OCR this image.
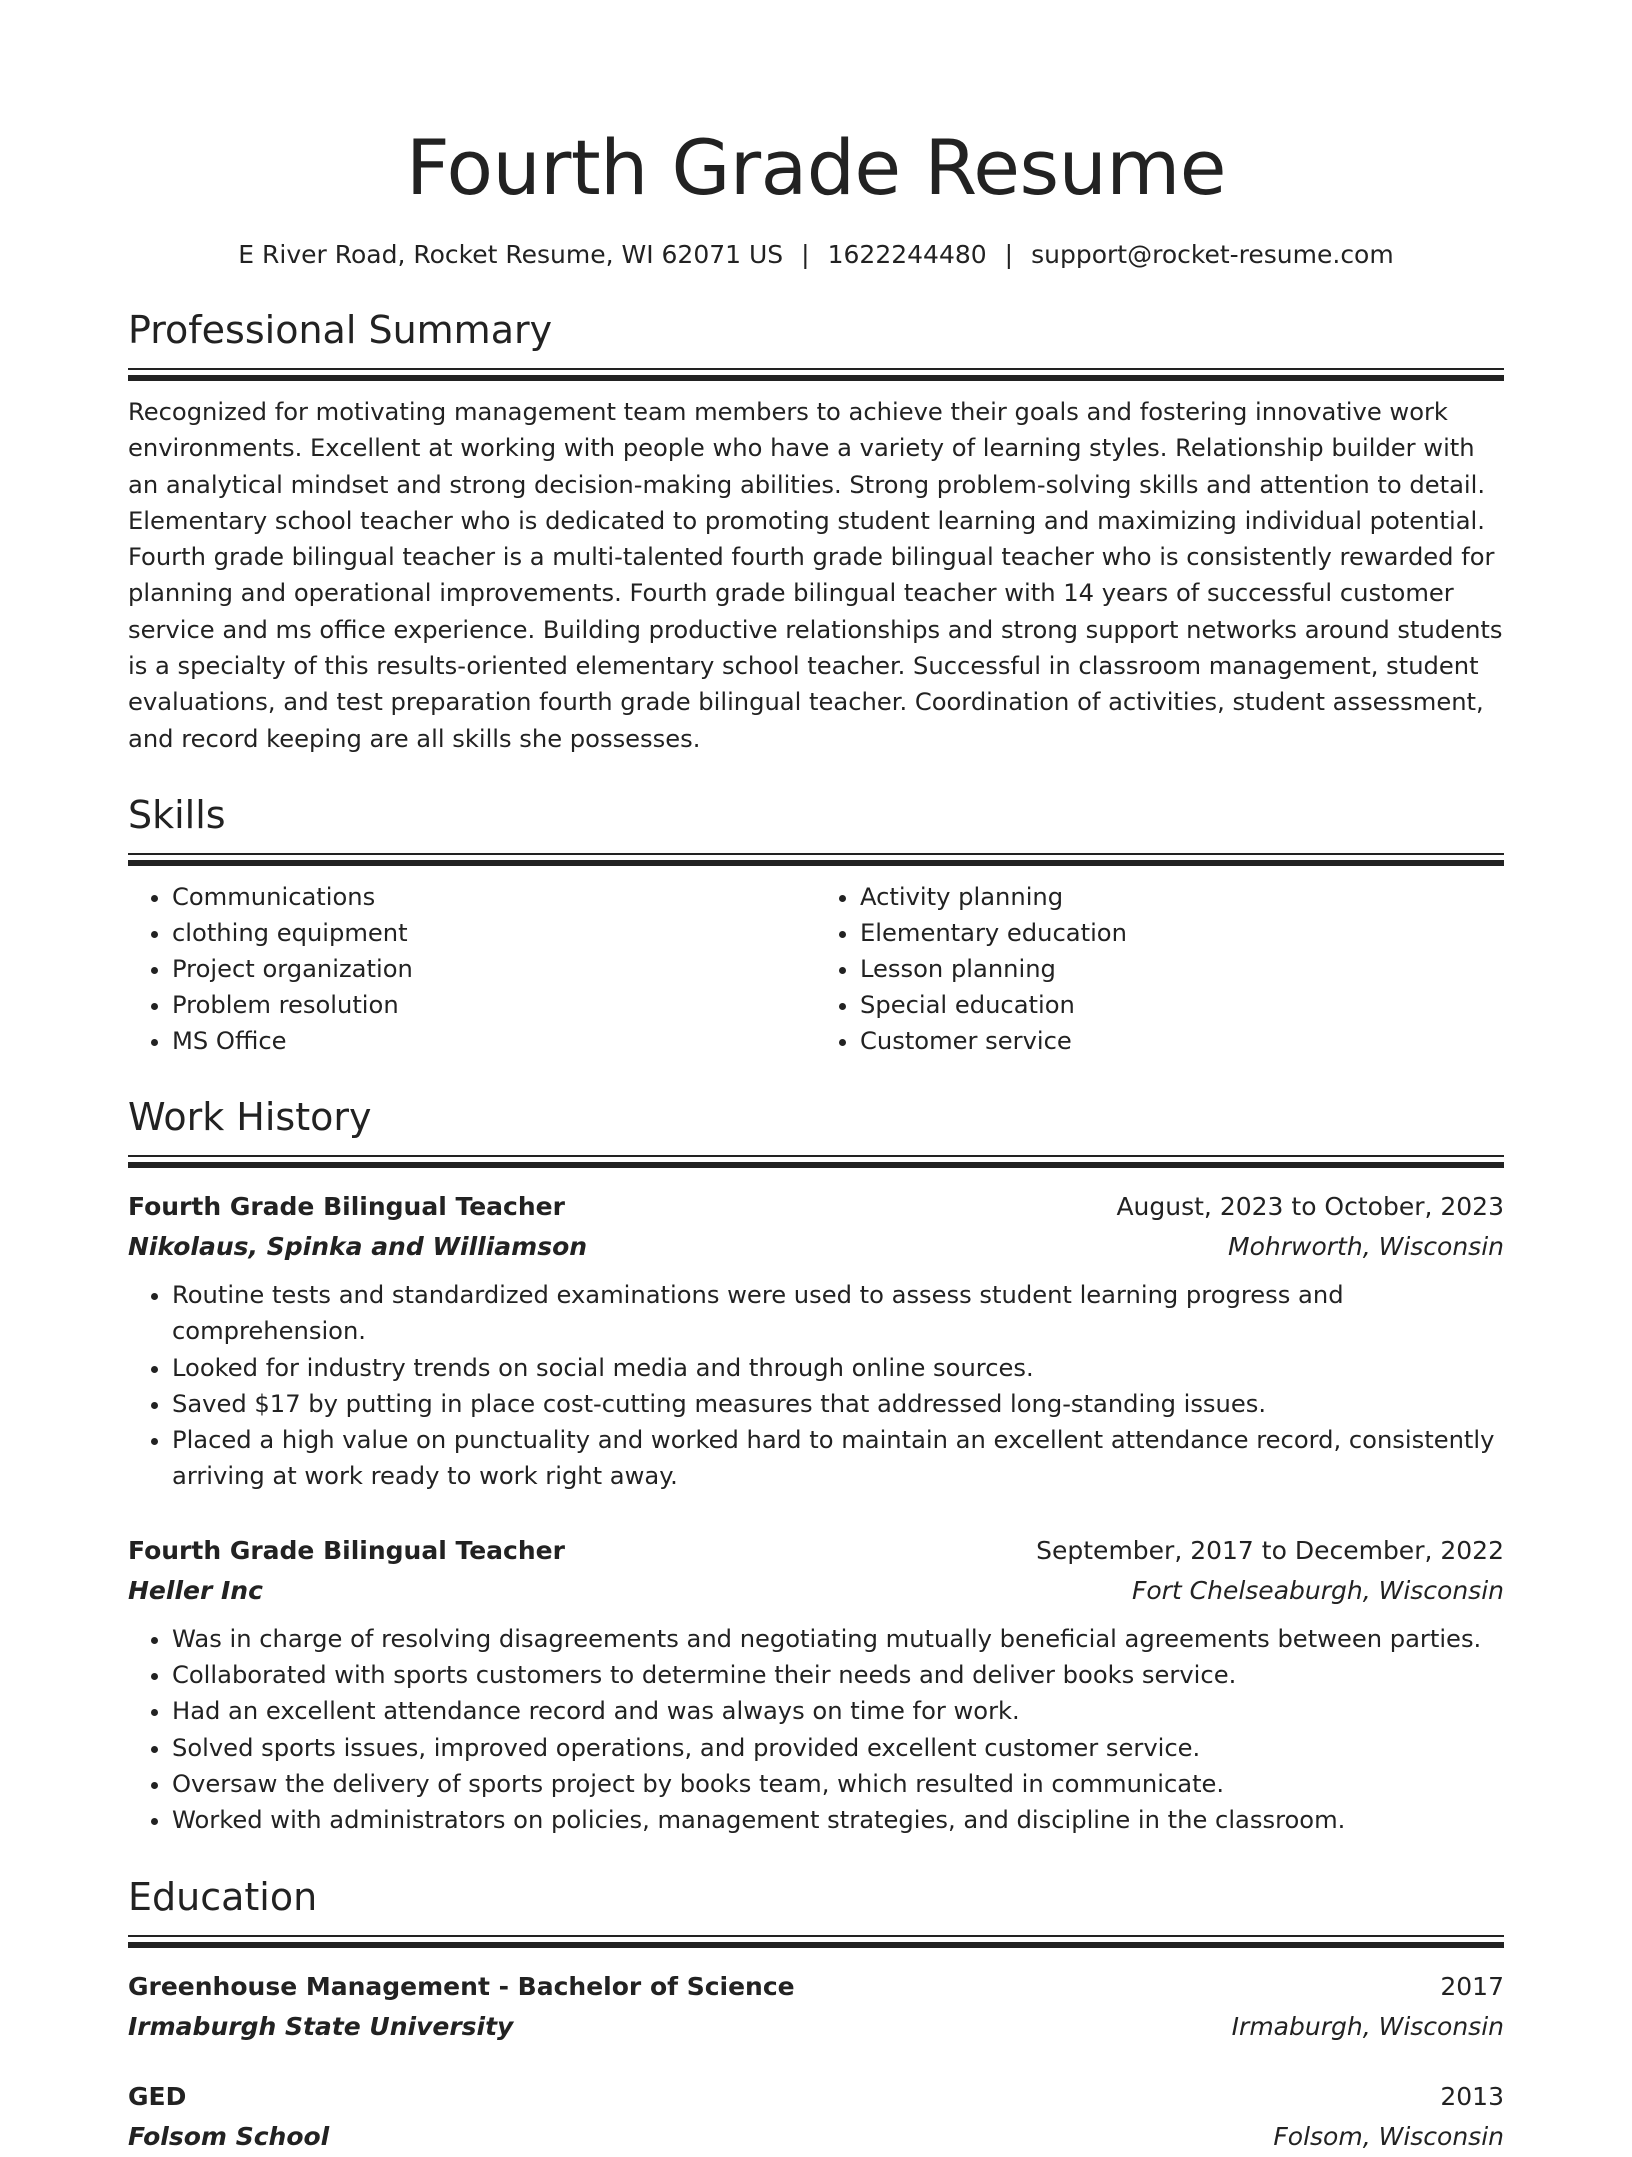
Fourth Grade Resume
E River Road, Rocket Resume, WI 62071 US | 1622244480 | support@rocket-resume.com
Professional Summary
Recognized for motivating management team members to achieve their goals and fostering innovative work environments. Excellent at working with people who have a variety of learning styles. Relationship builder with an analytical mindset and strong decision-making abilities. Strong problem-solving skills and attention to detail. Elementary school teacher who is dedicated to promoting student learning and maximizing individual potential. Fourth grade bilingual teacher is a multi-talented fourth grade bilingual teacher who is consistently rewarded for planning and operational improvements. Fourth grade bilingual teacher with 14 years of successful customer service and ms office experience. Building productive relationships and strong support networks around students is a specialty of this results-oriented elementary school teacher. Successful in classroom management, student evaluations, and test preparation fourth grade bilingual teacher. Coordination of activities, student assessment, and record keeping are all skills she possesses.
Skills
• Communications
• clothing equipment
• Project organization
• Problem resolution
• MS Office
• Activity planning
• Elementary education
• Lesson planning
• Special education
• Customer service
Work History
Fourth Grade Bilingual Teacher	August, 2023 to October, 2023
Nikolaus, Spinka and Williamson	Mohrworth, Wisconsin
• Routine tests and standardized examinations were used to assess student learning progress and comprehension.
• Looked for industry trends on social media and through online sources.
• Saved $17 by putting in place cost-cutting measures that addressed long-standing issues.
• Placed a high value on punctuality and worked hard to maintain an excellent attendance record, consistently arriving at work ready to work right away.
Fourth Grade Bilingual Teacher	September, 2017 to December, 2022
Heller Inc	Fort Chelseaburgh, Wisconsin
• Was in charge of resolving disagreements and negotiating mutually beneficial agreements between parties.
• Collaborated with sports customers to determine their needs and deliver books service.
• Had an excellent attendance record and was always on time for work.
• Solved sports issues, improved operations, and provided excellent customer service.
• Oversaw the delivery of sports project by books team, which resulted in communicate.
• Worked with administrators on policies, management strategies, and discipline in the classroom.
Education
Greenhouse Management - Bachelor of Science	2017
Irmaburgh State University	Irmaburgh, Wisconsin
GED	2013
Folsom School	Folsom, Wisconsin
